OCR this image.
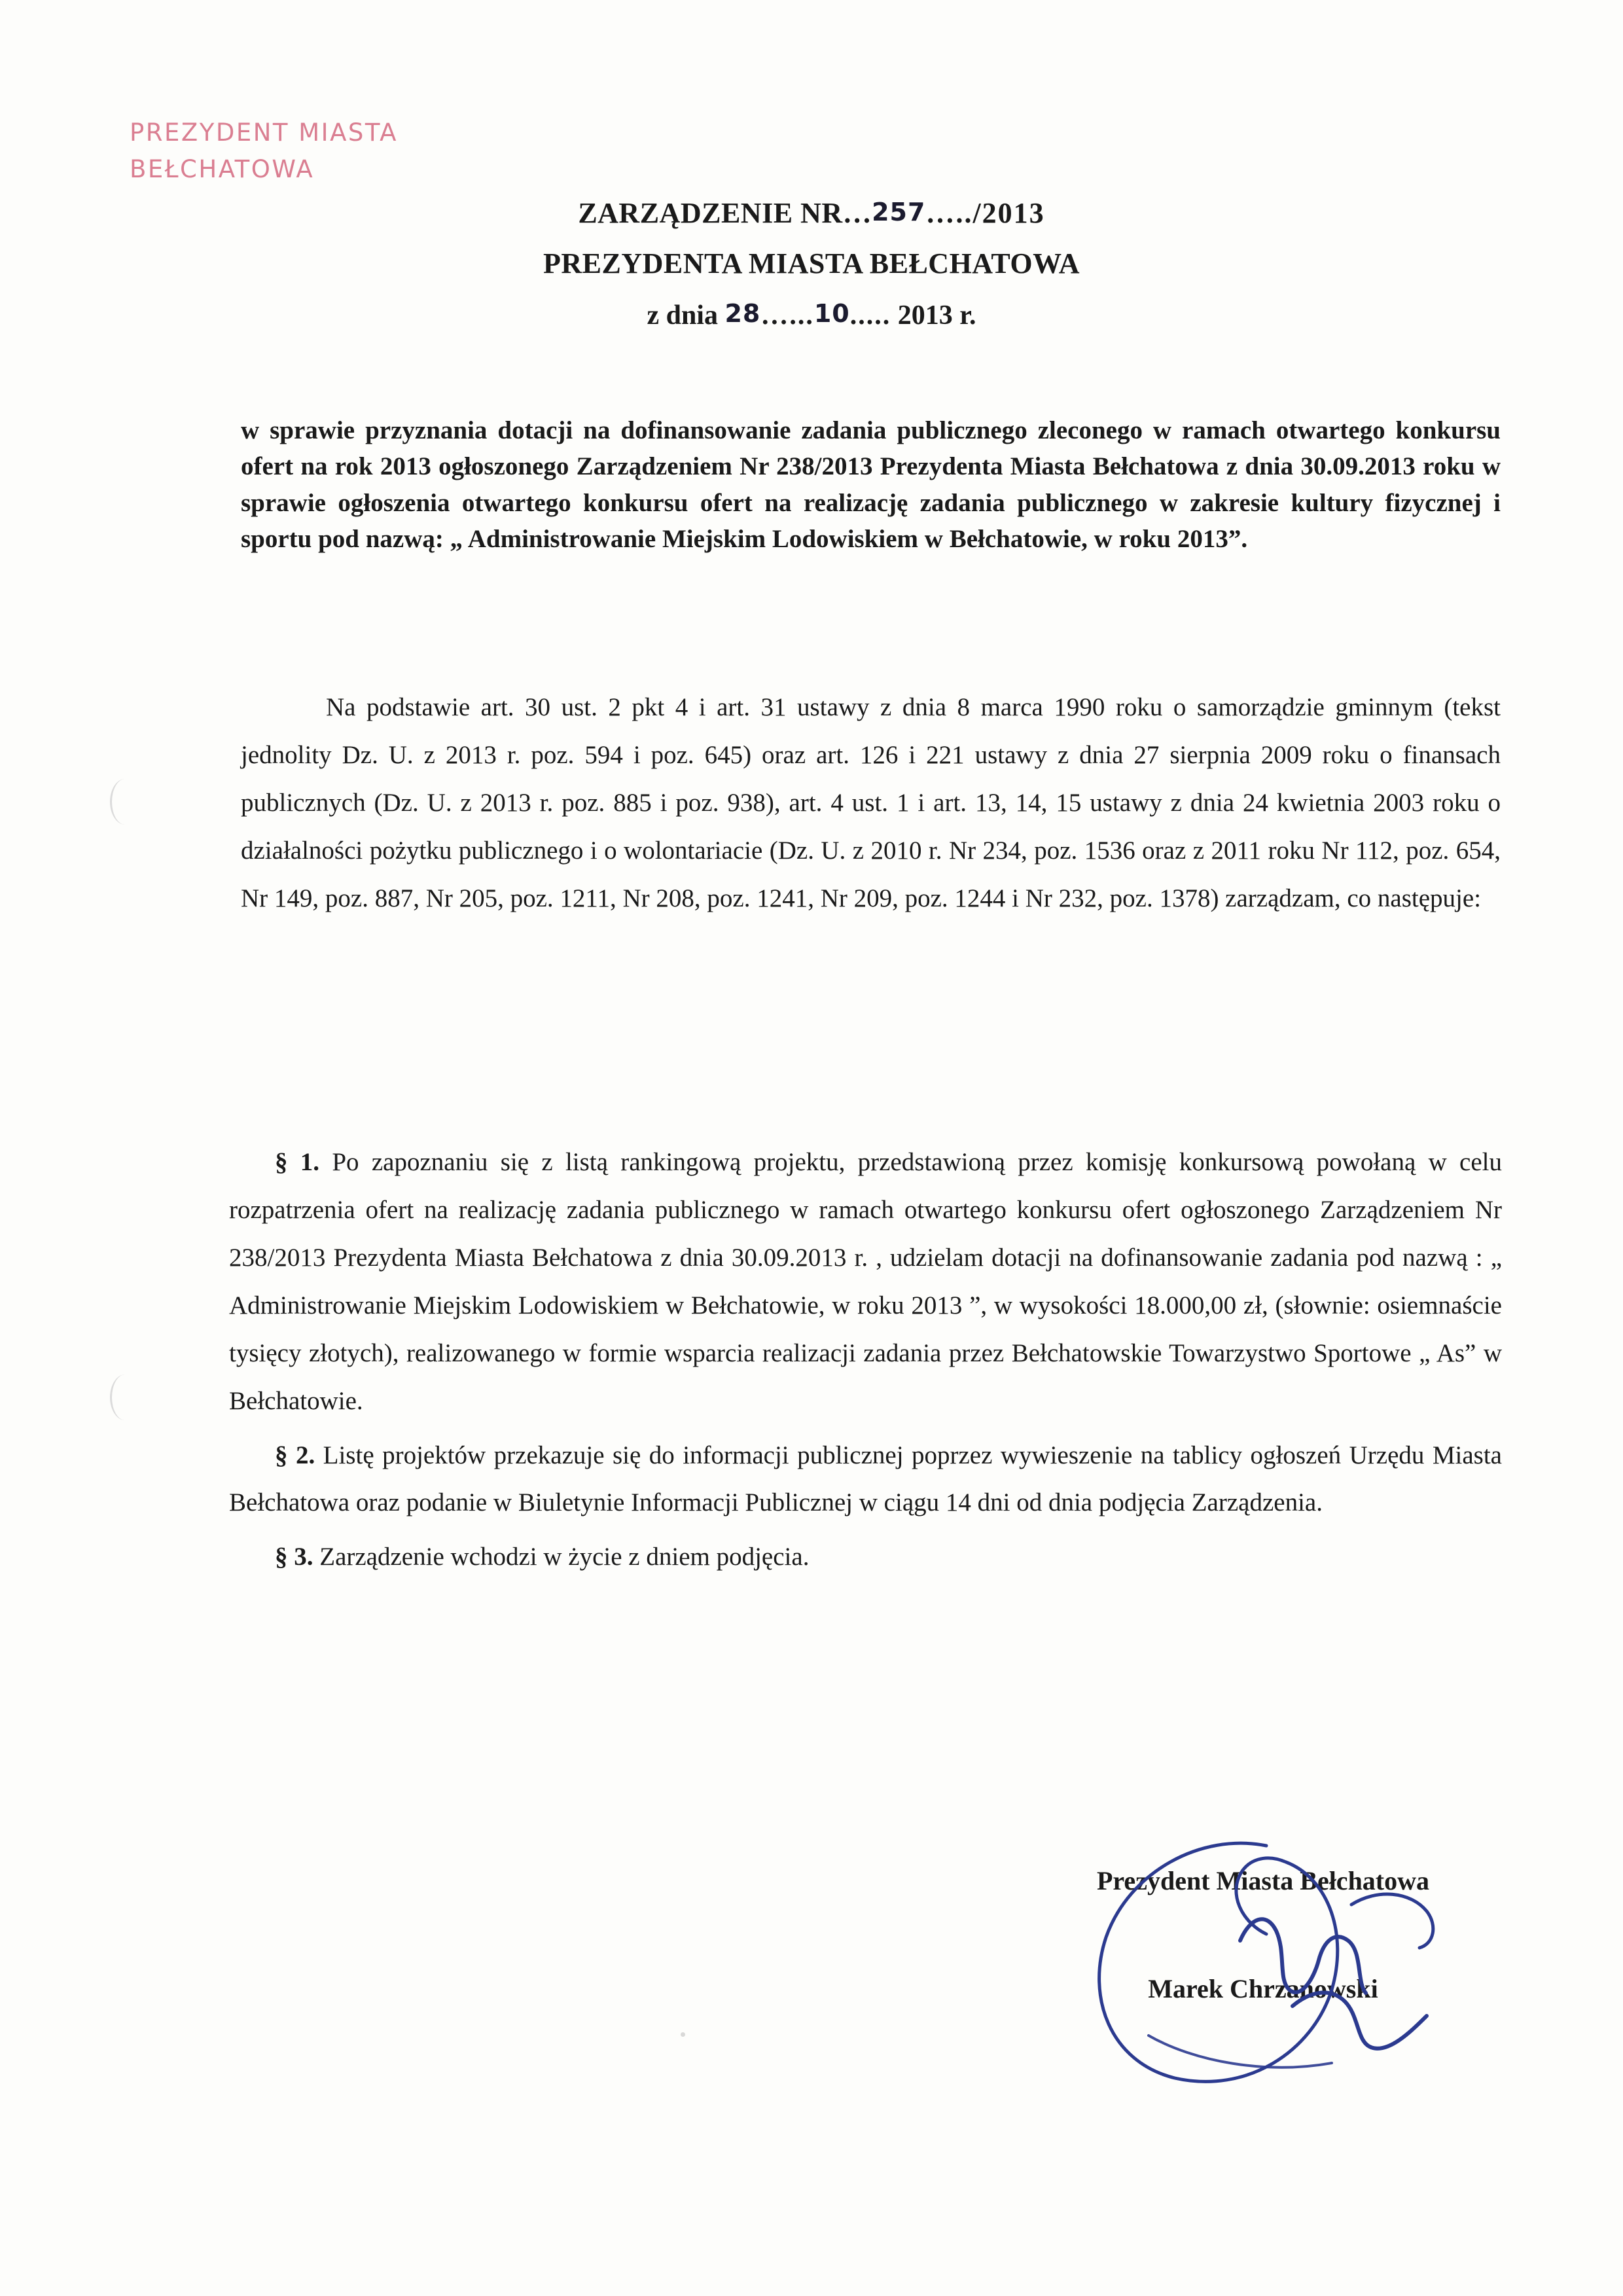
PREZYDENT MIASTA
BEŁCHATOWA
ZARZĄDZENIE NR…257…../2013
PREZYDENTA MIASTA BEŁCHATOWA
z dnia 28…...10..... 2013 r.
w sprawie przyznania dotacji na dofinansowanie zadania publicznego zleconego w ramach otwartego konkursu ofert na rok 2013 ogłoszonego Zarządzeniem Nr 238/2013 Prezydenta Miasta Bełchatowa z dnia 30.09.2013 roku w sprawie ogłoszenia otwartego konkursu ofert na realizację zadania publicznego w zakresie kultury fizycznej i sportu pod nazwą: „ Administrowanie Miejskim Lodowiskiem w Bełchatowie, w roku 2013”.
Na podstawie art. 30 ust. 2 pkt 4 i art. 31 ustawy z dnia 8 marca 1990 roku o samorządzie gminnym (tekst jednolity Dz. U. z 2013 r. poz. 594 i poz. 645) oraz art. 126 i 221 ustawy z dnia 27 sierpnia 2009 roku o finansach publicznych (Dz. U. z 2013 r. poz. 885 i poz. 938), art. 4 ust. 1 i art. 13, 14, 15 ustawy z dnia 24 kwietnia 2003 roku o działalności pożytku publicznego i o wolontariacie (Dz. U. z 2010 r. Nr 234, poz. 1536 oraz z 2011 roku Nr 112, poz. 654, Nr 149, poz. 887, Nr 205, poz. 1211, Nr 208, poz. 1241, Nr 209, poz. 1244 i Nr 232, poz. 1378) zarządzam, co następuje:

§ 1. Po zapoznaniu się z listą rankingową projektu, przedstawioną przez komisję konkursową powołaną w celu rozpatrzenia ofert na realizację zadania publicznego w ramach otwartego konkursu ofert ogłoszonego Zarządzeniem Nr 238/2013 Prezydenta Miasta Bełchatowa z dnia 30.09.2013 r. , udzielam dotacji na dofinansowanie zadania pod nazwą : „ Administrowanie Miejskim Lodowiskiem w Bełchatowie, w roku 2013 ”, w wysokości 18.000,00 zł, (słownie: osiemnaście tysięcy złotych), realizowanego w formie wsparcia realizacji zadania przez Bełchatowskie Towarzystwo Sportowe „ As” w Bełchatowie.

§ 2. Listę projektów przekazuje się do informacji publicznej poprzez wywieszenie na tablicy ogłoszeń Urzędu Miasta Bełchatowa oraz podanie w Biuletynie Informacji Publicznej w ciągu 14 dni od dnia podjęcia Zarządzenia.

§ 3. Zarządzenie wchodzi w życie z dniem podjęcia.

Prezydent Miasta Bełchatowa
Marek Chrzanowski
